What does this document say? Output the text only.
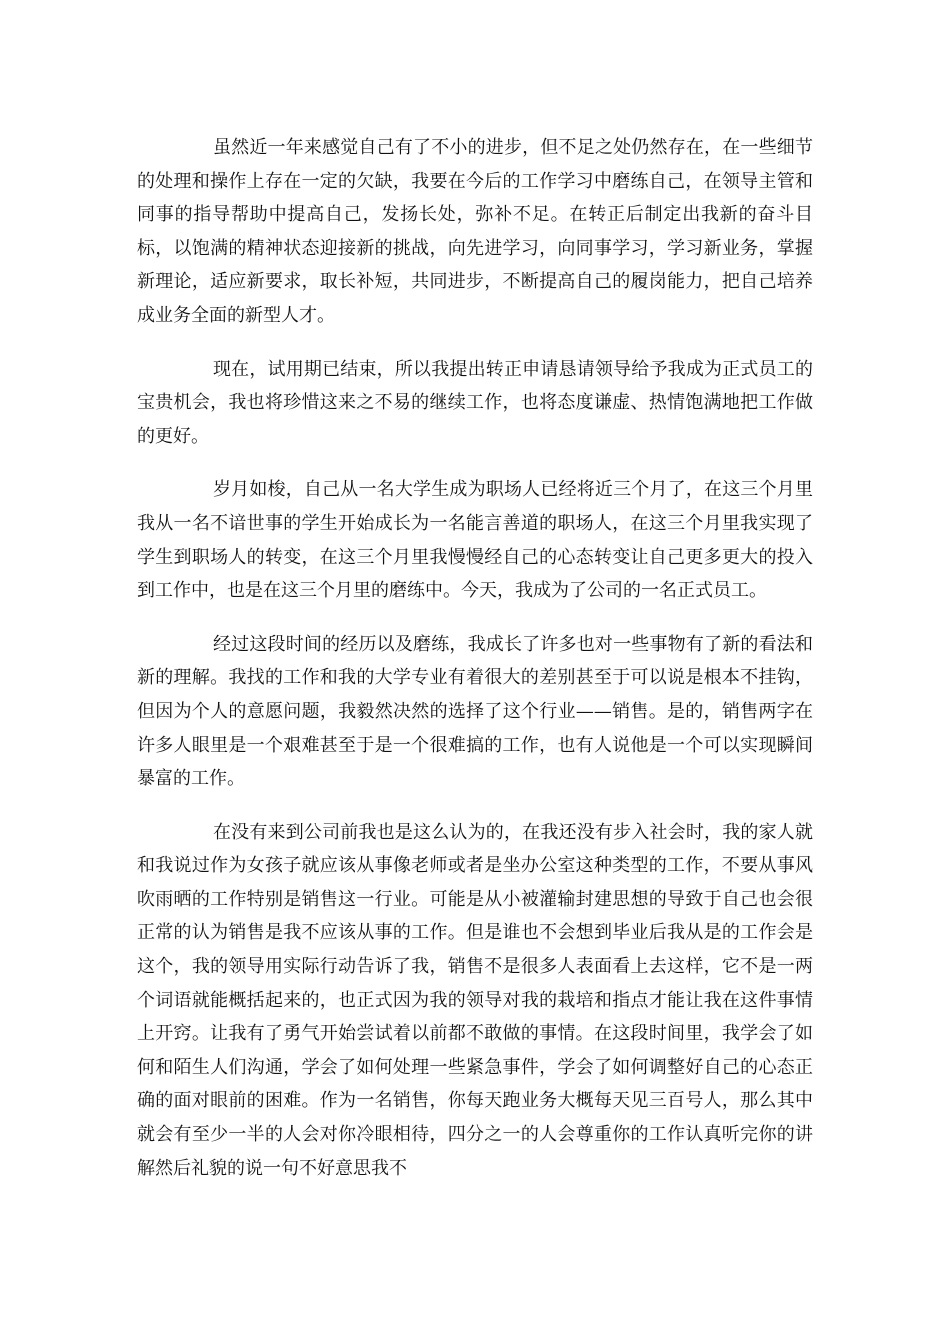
虽然近一年来感觉自己有了不小的进步，但不足之处仍然存在，在一些细节的处理和操作上存在一定的欠缺，我要在今后的工作学习中磨练自己，在领导主管和同事的指导帮助中提高自己，发扬长处，弥补不足。在转正后制定出我新的奋斗目标，以饱满的精神状态迎接新的挑战，向先进学习，向同事学习，学习新业务，掌握新理论，适应新要求，取长补短，共同进步，不断提高自己的履岗能力，把自己培养成业务全面的新型人才。

现在，试用期已结束，所以我提出转正申请恳请领导给予我成为正式员工的宝贵机会，我也将珍惜这来之不易的继续工作，也将态度谦虚、热情饱满地把工作做的更好。

岁月如梭，自己从一名大学生成为职场人已经将近三个月了，在这三个月里我从一名不谙世事的学生开始成长为一名能言善道的职场人，在这三个月里我实现了学生到职场人的转变，在这三个月里我慢慢经自己的心态转变让自己更多更大的投入到工作中，也是在这三个月里的磨练中。今天，我成为了公司的一名正式员工。

经过这段时间的经历以及磨练，我成长了许多也对一些事物有了新的看法和新的理解。我找的工作和我的大学专业有着很大的差别甚至于可以说是根本不挂钩，但因为个人的意愿问题，我毅然决然的选择了这个行业——销售。是的，销售两字在许多人眼里是一个艰难甚至于是一个很难搞的工作，也有人说他是一个可以实现瞬间暴富的工作。

在没有来到公司前我也是这么认为的，在我还没有步入社会时，我的家人就和我说过作为女孩子就应该从事像老师或者是坐办公室这种类型的工作，不要从事风吹雨晒的工作特别是销售这一行业。可能是从小被灌输封建思想的导致于自己也会很正常的认为销售是我不应该从事的工作。但是谁也不会想到毕业后我从是的工作会是这个，我的领导用实际行动告诉了我，销售不是很多人表面看上去这样，它不是一两个词语就能概括起来的，也正式因为我的领导对我的栽培和指点才能让我在这件事情上开窍。让我有了勇气开始尝试着以前都不敢做的事情。在这段时间里，我学会了如何和陌生人们沟通，学会了如何处理一些紧急事件，学会了如何调整好自己的心态正确的面对眼前的困难。作为一名销售，你每天跑业务大概每天见三百号人，那么其中就会有至少一半的人会对你冷眼相待，四分之一的人会尊重你的工作认真听完你的讲解然后礼貌的说一句不好意思我不
